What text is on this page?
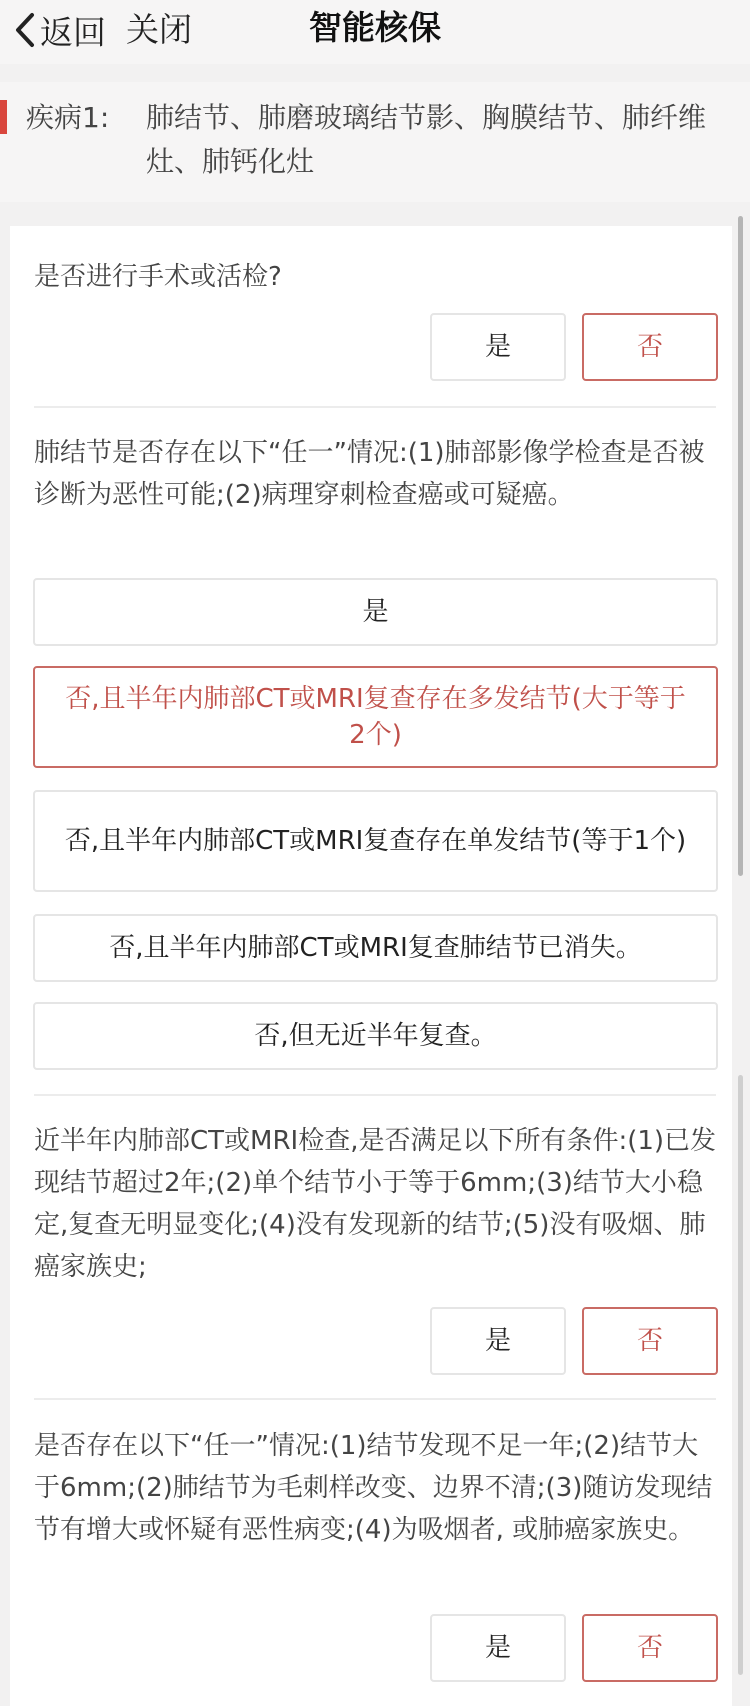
返回 关闭	智能核保
疾病1: 肺结节、肺磨玻璃结节影、胸膜结节、肺纤维灶、肺钙化灶
是否进行手术或活检?
是	否
肺结节是否存在以下“任一”情况:(1)肺部影像学检查是否被诊断为恶性可能;(2)病理穿刺检查癌或可疑癌。
是
否,且半年内肺部CT或MRI复查存在多发结节(大于等于2个)
否,且半年内肺部CT或MRI复查存在单发结节(等于1个)
否,且半年内肺部CT或MRI复查肺结节已消失。
否,但无近半年复查。
近半年内肺部CT或MRI检查,是否满足以下所有条件:(1)已发现结节超过2年;(2)单个结节小于等于6mm;(3)结节大小稳定,复查无明显变化;(4)没有发现新的结节;(5)没有吸烟、肺癌家族史;
是	否
是否存在以下“任一”情况:(1)结节发现不足一年;(2)结节大于6mm;(2)肺结节为毛刺样改变、边界不清;(3)随访发现结节有增大或怀疑有恶性病变;(4)为吸烟者, 或肺癌家族史。
是	否
